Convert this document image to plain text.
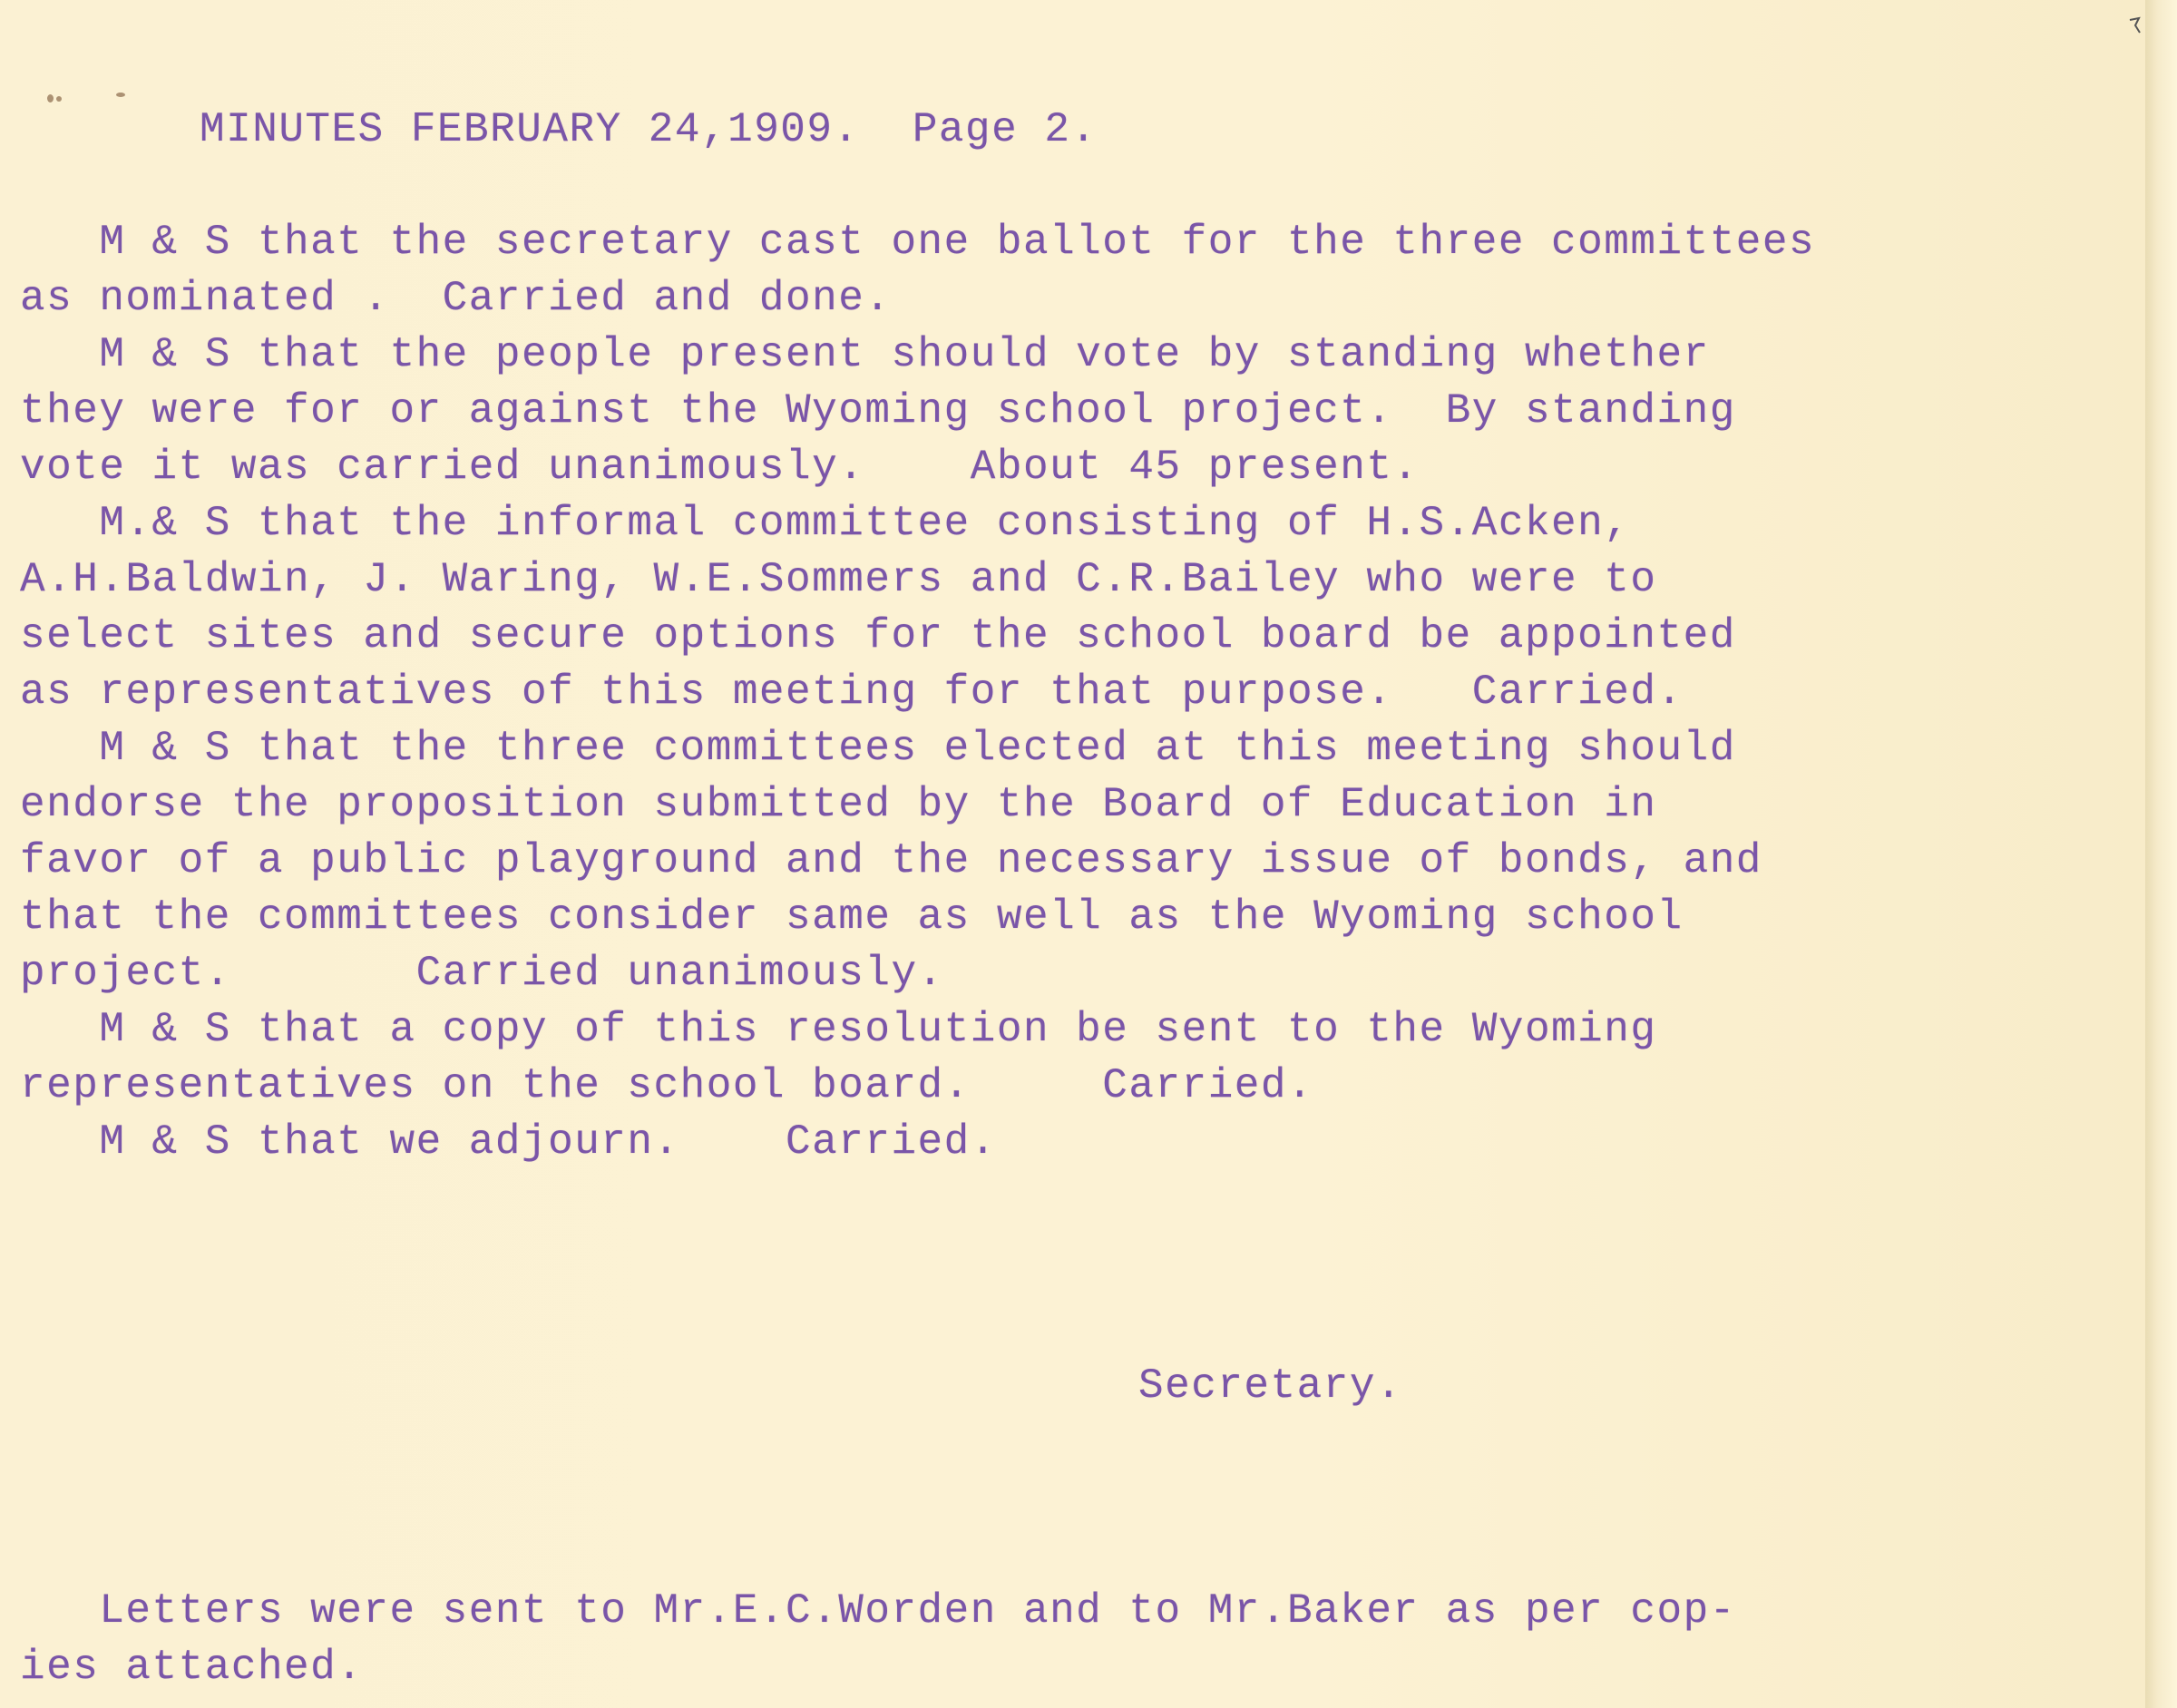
MINUTES FEBRUARY 24,1909.  Page 2.
M & S that the secretary cast one ballot for the three committees
as nominated .  Carried and done.
M & S that the people present should vote by standing whether
they were for or against the Wyoming school project.  By standing
vote it was carried unanimously.    About 45 present.
M.& S that the informal committee consisting of H.S.Acken,
A.H.Baldwin, J. Waring, W.E.Sommers and C.R.Bailey who were to
select sites and secure options for the school board be appointed
as representatives of this meeting for that purpose.   Carried.
M & S that the three committees elected at this meeting should
endorse the proposition submitted by the Board of Education in
favor of a public playground and the necessary issue of bonds, and
that the committees consider same as well as the Wyoming school
project.       Carried unanimously.
M & S that a copy of this resolution be sent to the Wyoming
representatives on the school board.     Carried.
M & S that we adjourn.    Carried.
Secretary.
Letters were sent to Mr.E.C.Worden and to Mr.Baker as per cop-
ies attached.
